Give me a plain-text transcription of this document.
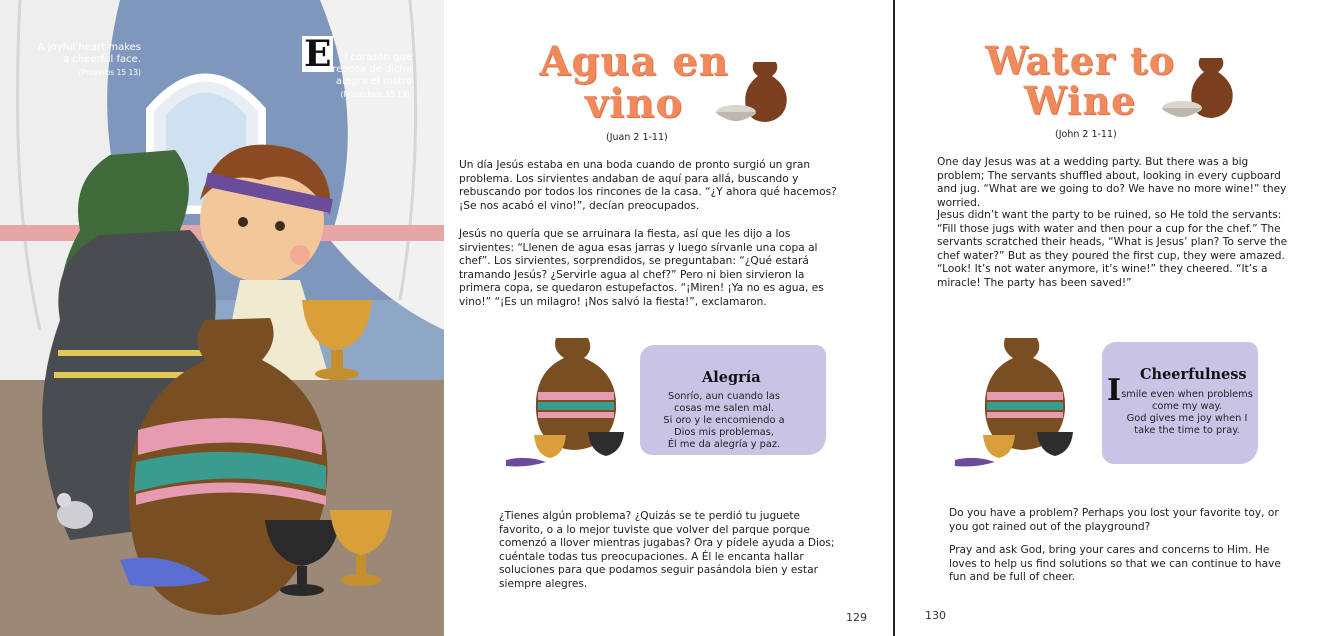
A joyful heart makes
a cheerful face.
(Proverbs 15 13)	E	l corazón que
rebosa de dicha
alegra el rostro
(Proverbios 15 13).
Agua en
vino
(Juan 2 1-11)

Un día Jesús estaba en una boda cuando de pronto surgió un gran problema. Los sirvientes andaban de aquí para allá, buscando y rebuscando por todos los rincones de la casa. “¿Y ahora qué hacemos? ¡Se nos acabó el vino!”, decían preocupados.

Jesús no quería que se arruinara la fiesta, así que les dijo a los sirvientes: “Llenen de agua esas jarras y luego sírvanle una copa al chef”. Los sirvientes, sorprendidos, se preguntaban: “¿Qué estará tramando Jesús? ¿Servirle agua al chef?” Pero ni bien sirvieron la primera copa, se quedaron estupefactos. “¡Miren! ¡Ya no es agua, es vino!” “¡Es un milagro! ¡Nos salvó la fiesta!”, exclamaron.

Alegría
Sonrío, aun cuando las
cosas me salen mal.
Si oro y le encomiendo a
Dios mis problemas,
Él me da alegría y paz.

¿Tienes algún problema? ¿Quizás se te perdió tu juguete favorito, o a lo mejor tuviste que volver del parque porque comenzó a llover mientras jugabas? Ora y pídele ayuda a Dios; cuéntale todas tus preocupaciones. A Él le encanta hallar soluciones para que podamos seguir pasándola bien y estar siempre alegres.

129
Water to
Wine
(John 2 1-11)

One day Jesus was at a wedding party. But there was a big problem; The servants shuffled about, looking in every cupboard and jug. “What are we going to do? We have no more wine!” they worried.

Jesus didn’t want the party to be ruined, so He told the servants: “Fill those jugs with water and then pour a cup for the chef.” The servants scratched their heads, “What is Jesus’ plan? To serve the chef water?” But as they poured the first cup, they were amazed. “Look! It’s not water anymore, it’s wine!” they cheered. “It’s a miracle! The party has been saved!”

Cheerfulness
I smile even when problems
come my way.
God gives me joy when I
take the time to pray.

Do you have a problem? Perhaps you lost your favorite toy, or you got rained out of the playground?

Pray and ask God, bring your cares and concerns to Him. He loves to help us find solutions so that we can continue to have fun and be full of cheer.

130
